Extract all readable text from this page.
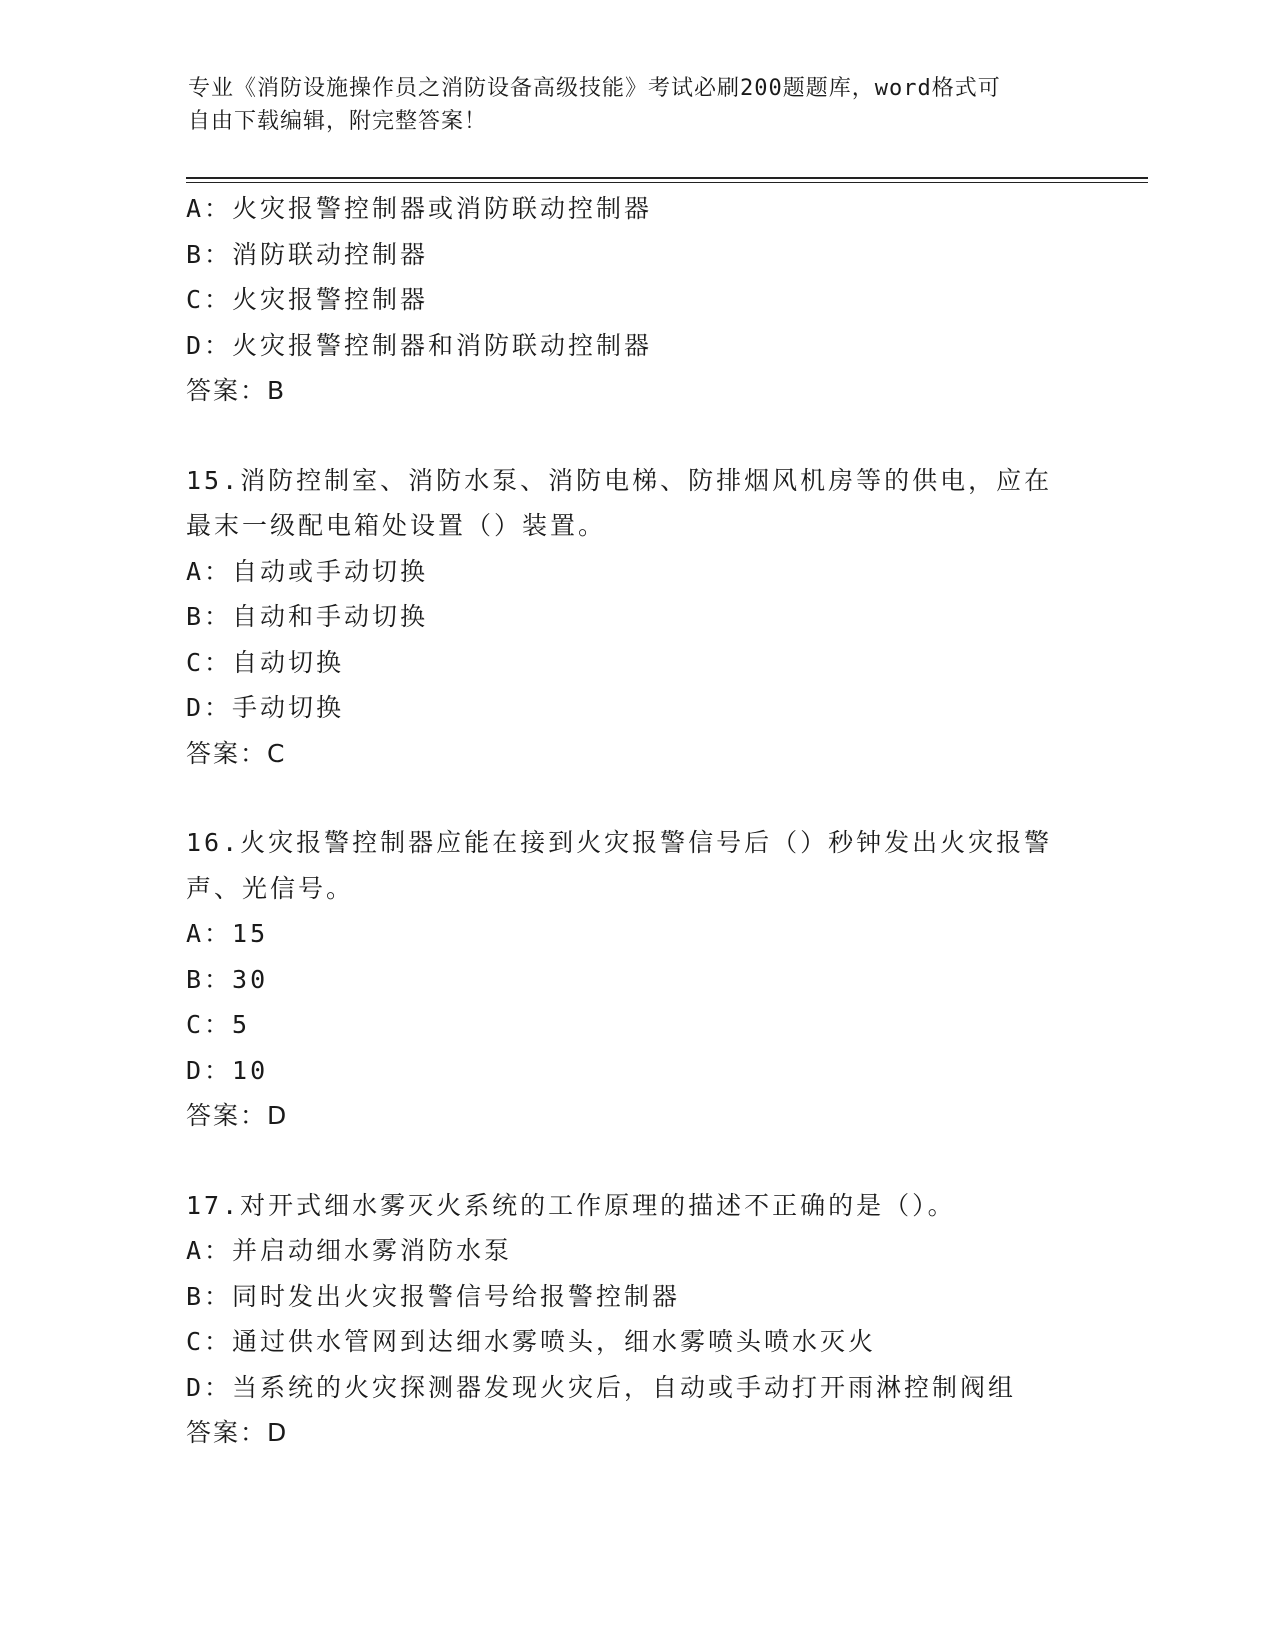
专业《消防设施操作员之消防设备高级技能》考试必刷200题题库，word格式可
自由下载编辑，附完整答案！
A：火灾报警控制器或消防联动控制器
B：消防联动控制器
C：火灾报警控制器
D：火灾报警控制器和消防联动控制器
答案：B
15.消防控制室、消防水泵、消防电梯、防排烟风机房等的供电，应在
最末一级配电箱处设置（）装置。
A：自动或手动切换
B：自动和手动切换
C：自动切换
D：手动切换
答案：C
16.火灾报警控制器应能在接到火灾报警信号后（）秒钟发出火灾报警
声、光信号。
A：15
B：30
C：5
D：10
答案：D
17.对开式细水雾灭火系统的工作原理的描述不正确的是（）。
A：并启动细水雾消防水泵
B：同时发出火灾报警信号给报警控制器
C：通过供水管网到达细水雾喷头，细水雾喷头喷水灭火
D：当系统的火灾探测器发现火灾后，自动或手动打开雨淋控制阀组
答案：D
